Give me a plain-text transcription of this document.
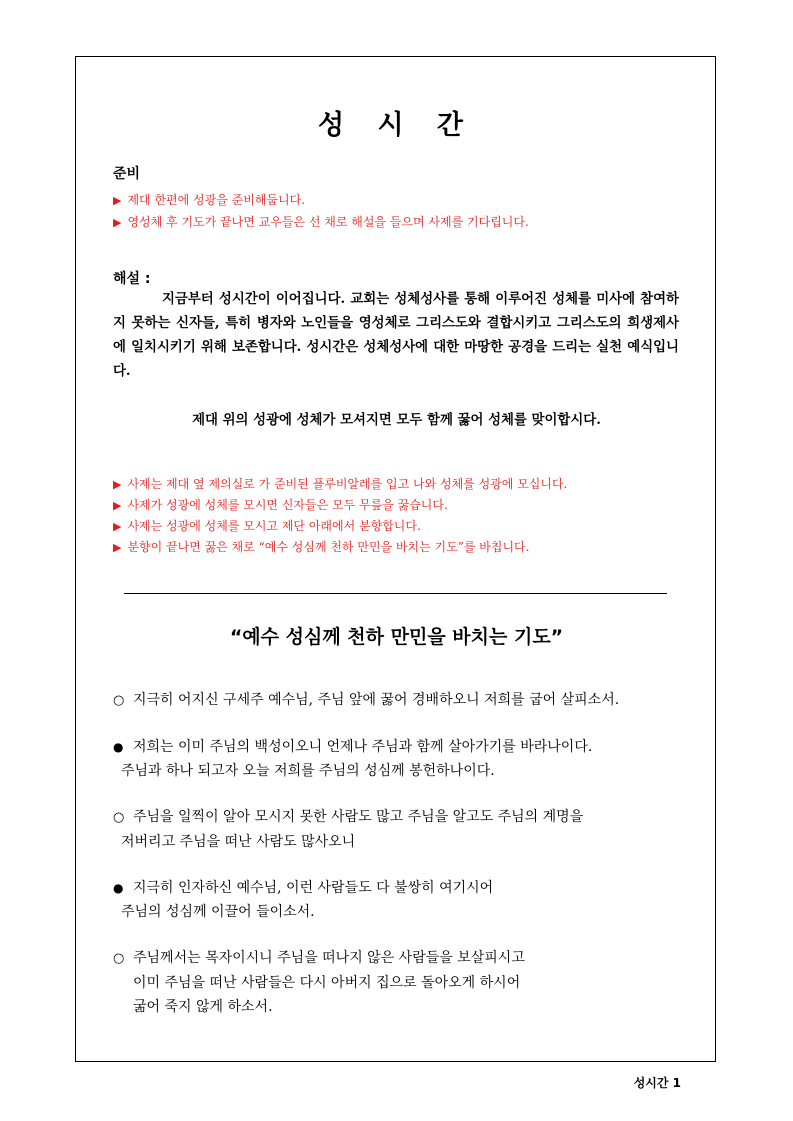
성 시 간
준비
▶ 제대 한편에 성광을 준비해둡니다.
▶ 영성체 후 기도가 끝나면 교우들은 선 채로 해설을 들으며 사제를 기다립니다.
해설 :

지금부터 성시간이 이어집니다. 교회는 성체성사를 통해 이루어진 성체를 미사에 참여하지 못하는 신자들, 특히 병자와 노인들을 영성체로 그리스도와 결합시키고 그리스도의 희생제사에 일치시키기 위해 보존합니다. 성시간은 성체성사에 대한 마땅한 공경을 드리는 실천 예식입니다.

제대 위의 성광에 성체가 모셔지면 모두 함께 꿇어 성체를 맞이합시다.
▶ 사제는 제대 옆 제의실로 가 준비된 플루비알레를 입고 나와 성체를 성광에 모십니다.
▶ 사제가 성광에 성체를 모시면 신자들은 모두 무릎을 꿇습니다.
▶ 사제는 성광에 성체를 모시고 제단 아래에서 분향합니다.
▶ 분향이 끝나면 꿇은 채로 “예수 성심께 천하 만민을 바치는 기도”를 바칩니다.
“예수 성심께 천하 만민을 바치는 기도”
○ 지극히 어지신 구세주 예수님, 주님 앞에 꿇어 경배하오니 저희를 굽어 살피소서.
● 저희는 이미 주님의 백성이오니 언제나 주님과 함께 살아가기를 바라나이다.
주님과 하나 되고자 오늘 저희를 주님의 성심께 봉헌하나이다.
○ 주님을 일찍이 알아 모시지 못한 사람도 많고 주님을 알고도 주님의 계명을
저버리고 주님을 떠난 사람도 많사오니
● 지극히 인자하신 예수님, 이런 사람들도 다 불쌍히 여기시어
주님의 성심께 이끌어 들이소서.
○ 주님께서는 목자이시니 주님을 떠나지 않은 사람들을 보살피시고
이미 주님을 떠난 사람들은 다시 아버지 집으로 돌아오게 하시어
굶어 죽지 않게 하소서.
성시간 1
